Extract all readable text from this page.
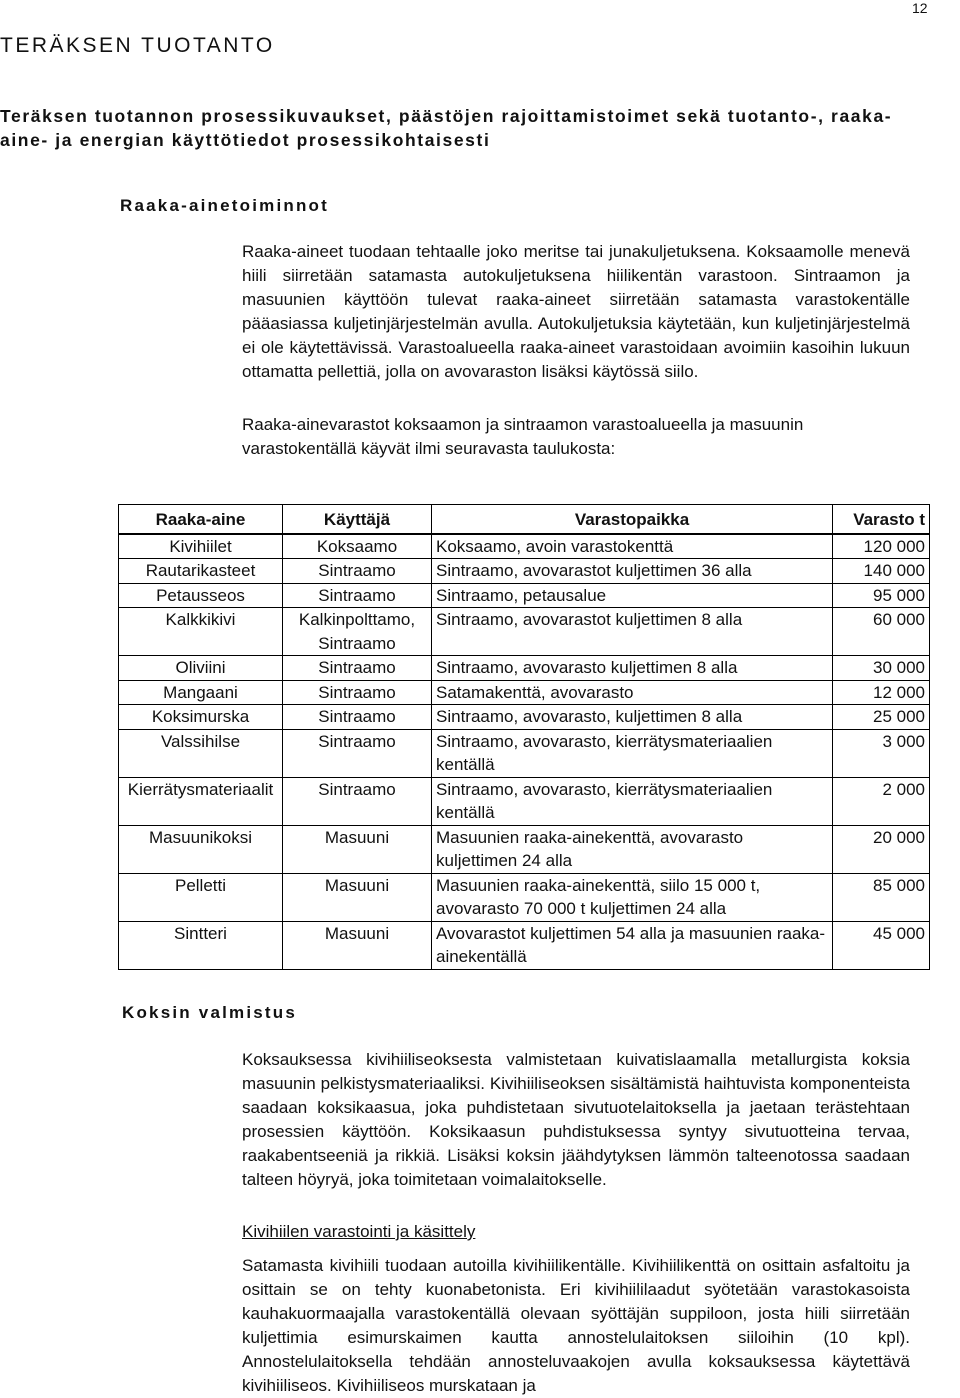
12
TERÄKSEN TUOTANTO
Teräksen tuotannon prosessikuvaukset, päästöjen rajoittamistoimet sekä tuotanto-, raaka-aine- ja energian käyttötiedot prosessikohtaisesti
Raaka-ainetoiminnot

Raaka-aineet tuodaan tehtaalle joko meritse tai junakuljetuksena. Koksaamolle menevä hiili siirretään satamasta autokuljetuksena hiilikentän varastoon. Sintraamon ja masuunien käyttöön tulevat raaka-aineet siirretään satamasta varastokentälle pääasiassa kuljetinjärjestelmän avulla. Autokuljetuksia käytetään, kun kuljetinjärjestelmä ei ole käytettävissä. Varastoalueella raaka-aineet varastoidaan avoimiin kasoihin lukuun ottamatta pellettiä, jolla on avovaraston lisäksi käytössä siilo.

Raaka-ainevarastot koksaamon ja sintraamon varastoalueella ja masuunin varastokentällä käyvät ilmi seuravasta taulukosta:

Raaka-aine	Käyttäjä	Varastopaikka	Varasto t
Kivihiilet	Koksaamo	Koksaamo, avoin varastokenttä	120 000
Rautarikasteet	Sintraamo	Sintraamo, avovarastot kuljettimen 36 alla	140 000
Petausseos	Sintraamo	Sintraamo, petausalue	95 000
Kalkkikivi	Kalkinpolttamo, Sintraamo	Sintraamo, avovarastot kuljettimen 8 alla	60 000
Oliviini	Sintraamo	Sintraamo, avovarasto kuljettimen 8 alla	30 000
Mangaani	Sintraamo	Satamakenttä, avovarasto	12 000
Koksimurska	Sintraamo	Sintraamo, avovarasto, kuljettimen 8 alla	25 000
Valssihilse	Sintraamo	Sintraamo, avovarasto, kierrätysmateriaalien kentällä	3 000
Kierrätysmateriaalit	Sintraamo	Sintraamo, avovarasto, kierrätysmateriaalien kentällä	2 000
Masuunikoksi	Masuuni	Masuunien raaka-ainekenttä, avovarasto kuljettimen 24 alla	20 000
Pelletti	Masuuni	Masuunien raaka-ainekenttä, siilo 15 000 t, avovarasto 70 000 t kuljettimen 24 alla	85 000
Sintteri	Masuuni	Avovarastot kuljettimen 54 alla ja masuunien raaka-ainekentällä	45 000
Koksin valmistus

Koksauksessa kivihiiliseoksesta valmistetaan kuivatislaamalla metallurgista koksia masuunin pelkistysmateriaaliksi. Kivihiiliseoksen sisältämistä haihtuvista komponenteista saadaan koksikaasua, joka puhdistetaan sivutuotelaitoksella ja jaetaan terästehtaan prosessien käyttöön. Koksikaasun puhdistuksessa syntyy sivutuotteina tervaa, raakabentseeniä ja rikkiä. Lisäksi koksin jäähdytyksen lämmön talteenotossa saadaan talteen höyryä, joka toimitetaan voimalaitokselle.

Kivihiilen varastointi ja käsittely

Satamasta kivihiili tuodaan autoilla kivihiilikentälle. Kivihiilikenttä on osittain asfaltoitu ja osittain se on tehty kuonabetonista. Eri kivihiililaadut syötetään varastokasoista kauhakuormaajalla varastokentällä olevaan syöttäjän suppiloon, josta hiili siirretään kuljettimia esimurskaimen kautta annostelulaitoksen siiloihin (10 kpl). Annostelulaitoksella tehdään annosteluvaakojen avulla koksauksessa käytettävä kivihiiliseos. Kivihiiliseos murskataan ja
